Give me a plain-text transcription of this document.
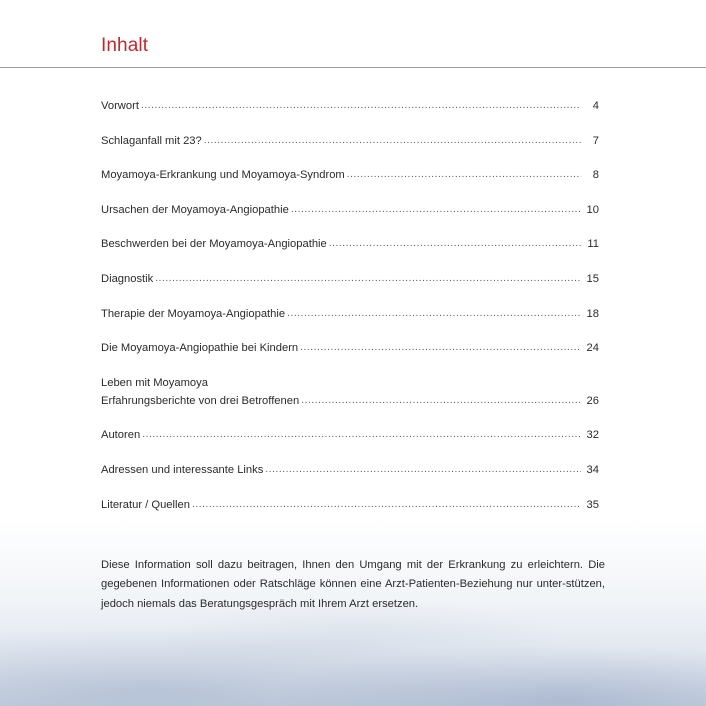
Inhalt
Vorwort .....	4
Schlaganfall mit 23? .....	7
Moyamoya-Erkrankung und Moyamoya-Syndrom .....	8
Ursachen der Moyamoya-Angiopathie .....	10
Beschwerden bei der Moyamoya-Angiopathie .....	11
Diagnostik .....	15
Therapie der Moyamoya-Angiopathie .....	18
Die Moyamoya-Angiopathie bei Kindern .....	24
Leben mit Moyamoya
Erfahrungsberichte von drei Betroffenen .....	26
Autoren .....	32
Adressen und interessante Links .....	34
Literatur / Quellen .....	35

Diese Information soll dazu beitragen, Ihnen den Umgang mit der Erkrankung zu erleichtern. Die gegebenen Informationen oder Ratschläge können eine Arzt-Patienten-Beziehung nur unter-stützen, jedoch niemals das Beratungsgespräch mit Ihrem Arzt ersetzen.
